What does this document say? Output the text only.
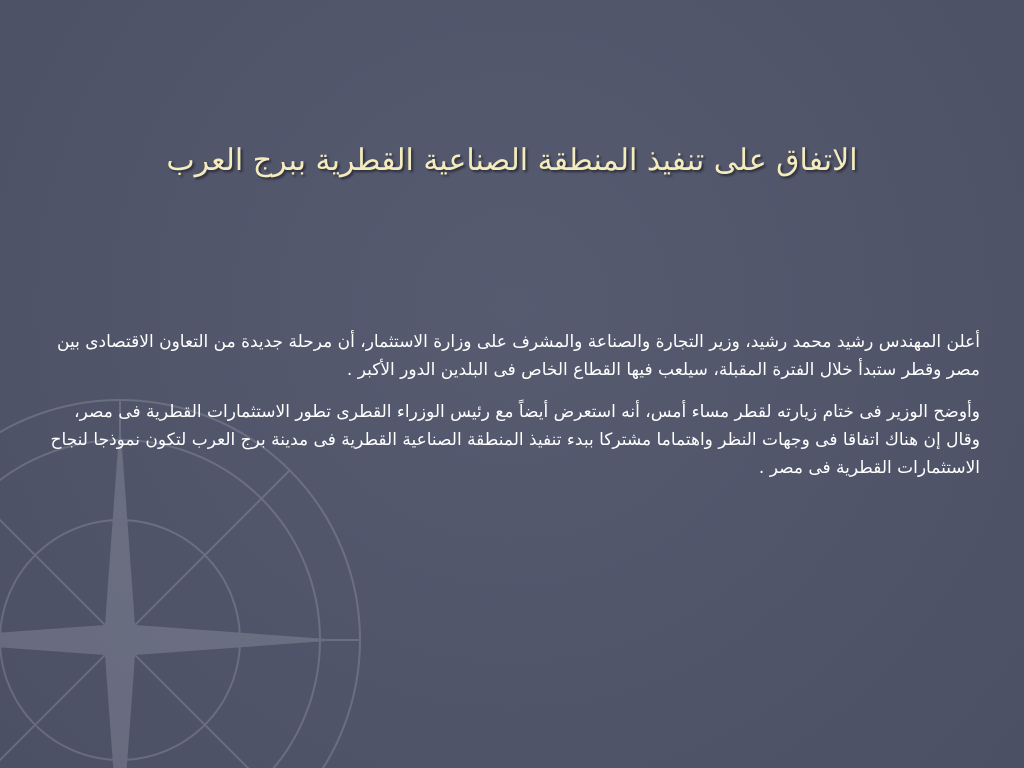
الاتفاق على تنفيذ المنطقة الصناعية القطرية ببرج العرب

أعلن المهندس رشيد محمد رشيد، وزير التجارة والصناعة والمشرف على وزارة الاستثمار، أن مرحلة جديدة من التعاون الاقتصادى بين مصر وقطر ستبدأ خلال الفترة المقبلة، سيلعب فيها القطاع الخاص فى البلدين الدور الأكبر .

وأوضح الوزير فى ختام زيارته لقطر مساء أمس، أنه استعرض أيضاً مع رئيس الوزراء القطرى تطور الاستثمارات القطرية فى مصر، وقال إن هناك اتفاقا فى وجهات النظر واهتماما مشتركا ببدء تنفيذ المنطقة الصناعية القطرية فى مدينة برج العرب لتكون نموذجا لنجاح الاستثمارات القطرية فى مصر .
